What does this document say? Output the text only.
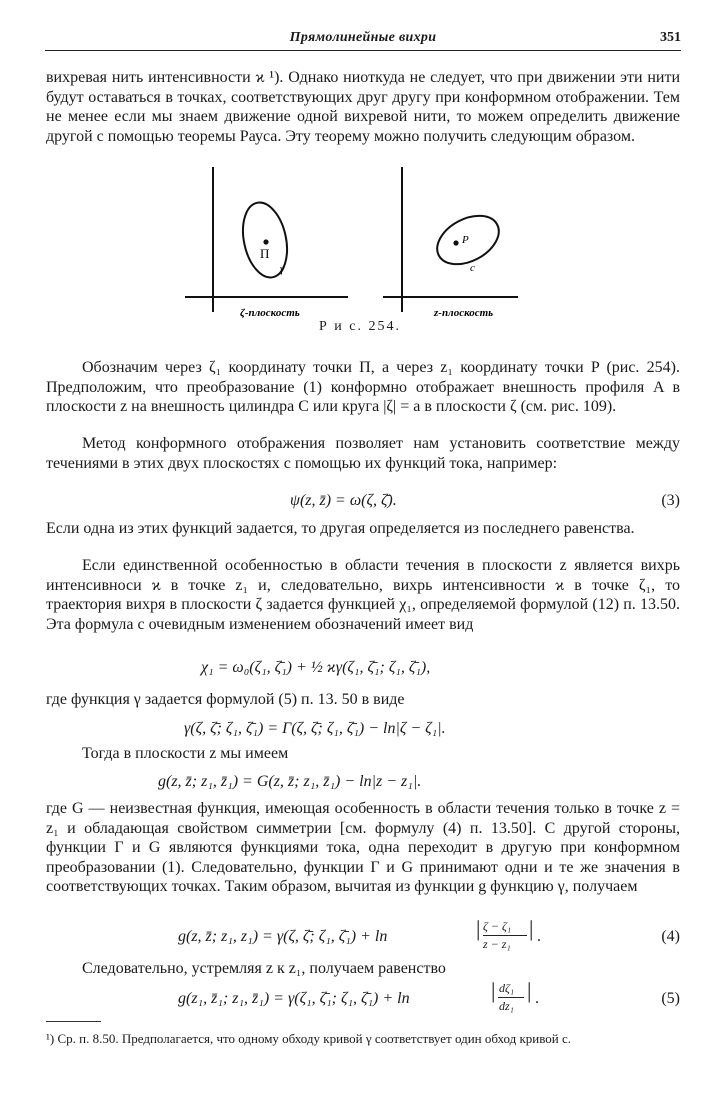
Прямолинейные вихри	351

вихревая нить интенсивности ϰ ¹). Однако ниоткуда не следует, что при движении эти нити будут оставаться в точках, соответствующих друг другу при конформном отображении. Тем не менее если мы знаем движение одной вихревой нити, то можем определить движение другой с помощью теоремы Рауса. Эту теорему можно получить следующим образом.

П
γ
ζ-плоскость
P
c
z-плоскость
Р и с. 254.

Обозначим через ζ₁ координату точки П, а через z₁ координату точки P (рис. 254). Предположим, что преобразование (1) конформно отображает внешность профиля A в плоскости z на внешность цилиндра C или круга |ζ| = a в плоскости ζ (см. рис. 109).

Метод конформного отображения позволяет нам установить соответствие между течениями в этих двух плоскостях с помощью их функций тока, например:

ψ(z, z̄) = ω(ζ, ζ̄).	(3)

Если одна из этих функций задается, то другая определяется из последнего равенства.

Если единственной особенностью в области течения в плоскости z является вихрь интенсивноси ϰ в точке z₁ и, следовательно, вихрь интенсивности ϰ в точке ζ₁, то траектория вихря в плоскости ζ задается функцией χ₁, определяемой формулой (12) п. 13.50. Эта формула с очевидным изменением обозначений имеет вид

χ₁ = ω₀(ζ₁, ζ̄₁) + ½ ϰγ(ζ₁, ζ̄₁; ζ₁, ζ̄₁),

где функция γ задается формулой (5) п. 13. 50 в виде

γ(ζ, ζ̄; ζ₁, ζ̄₁) = Γ(ζ, ζ̄; ζ₁, ζ̄₁) − ln|ζ − ζ₁|.

Тогда в плоскости z мы имеем

g(z, z̄; z₁, z̄₁) = G(z, z̄; z₁, z̄₁) − ln|z − z₁|.

где G — неизвестная функция, имеющая особенность в области течения только в точке z = z₁ и обладающая свойством симметрии [см. формулу (4) п. 13.50]. С другой стороны, функции Γ и G являются функциями тока, одна переходит в другую при конформном преобразовании (1). Следовательно, функции Γ и G принимают одни и те же значения в соответствующих точках. Таким образом, вычитая из функции g функцию γ, получаем

g(z, z̄; z₁, z₁) = γ(ζ, ζ̄; ζ₁, ζ̄₁) + ln	| ζ − ζ₁
z − z₁
| .	(4)

Следовательно, устремляя z к z₁, получаем равенство

g(z₁, z̄₁; z₁, z̄₁) = γ(ζ₁, ζ̄₁; ζ₁, ζ̄₁) + ln	| dζ₁
dz₁
| .	(5)

¹) Ср. п. 8.50. Предполагается, что одному обходу кривой γ соответствует один обход кривой c.
